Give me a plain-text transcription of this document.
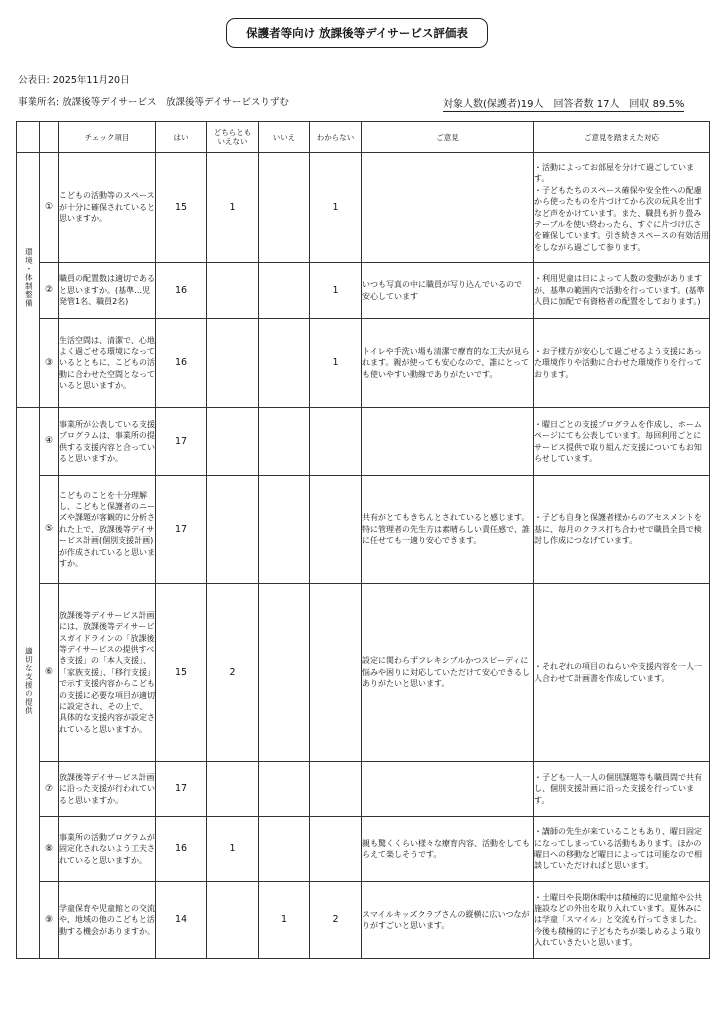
保護者等向け 放課後等デイサービス評価表
公表日: 2025年11月20日
事業所名: 放課後等デイサービス　放課後等デイサービスりずむ	対象人数(保護者)19人　回答者数 17人　回収 89.5%
		チェック項目	はい	どちらとも
いえない	いいえ	わからない	ご意見	ご意見を踏まえた対応
環境・体制整備	①	こどもの活動等のスペースが十分に確保されていると思いますか。	15	1		1		・活動によってお部屋を分けて過ごしています。
・子どもたちのスペース確保や安全性への配慮から使ったものを片づけてから次の玩具を出すなど声をかけています。また、職員も折り畳みテーブルを使い終わったら、すぐに片づけ広さを確保しています。引き続きスペースの有効活用をしながら過ごして参ります。
	②	職員の配置数は適切であると思いますか。(基準…児発管1名、職員2名)	16			1	いつも写真の中に職員が写り込んでいるので
安心しています	・利用児童は日によって人数の変動がありますが、基準の範囲内で活動を行っています。(基準人員に加配で有資格者の配置をしております。)
	③	生活空間は、清潔で、心地よく過ごせる環境になっているとともに、こどもの活動に合わせた空間となっていると思いますか。	16			1	トイレや手洗い場も清潔で療育的な工夫が見られます。親が使っても安心なので、誰にとっても使いやすい動線でありがたいです。	・お子様方が安心して過ごせるよう支援にあった環境作りや活動に合わせた環境作りを行っております。
適切な支援の提供	④	事業所が公表している支援プログラムは、事業所の提供する支援内容と合っていると思いますか。	17					・曜日ごとの支援プログラムを作成し、ホームページにても公表しています。毎回利用ごとにサービス提供で取り組んだ支援についてもお知らせしています。
	⑤	こどものことを十分理解し、こどもと保護者のニーズや課題が客観的に分析された上で、放課後等デイサービス計画(個別支援計画)が作成されていると思いますか。	17				共有がとてもきちんとされていると感じます。特に管理者の先生方は素晴らしい責任感で、誰に任せても一適り安心できます。	・子ども自身と保護者様からのアセスメントを基に、毎月のクラス打ち合わせで職員全員で検討し作成につなげています。
	⑥	放課後等デイサービス計画には、放課後等デイサービスガイドラインの「放課後等デイサービスの提供すべき支援」の「本人支援」、「家族支援」、「移行支援」で示す支援内容からこどもの支援に必要な項目が適切に設定され、その上で、具体的な支援内容が設定されていると思いますか。	15	2			設定に関わらずフレキシブルかつスピーディに悩みや困りに対応していただけて安心できるしありがたいと思います。	・それぞれの項目のねらいや支援内容を一人一人合わせて計画書を作成しています。
	⑦	放課後等デイサービス計画に沿った支援が行われていると思いますか。	17					・子ども一人一人の個別課題等も職員間で共有し、個別支援計画に沿った支援を行っています。
	⑧	事業所の活動プログラムが固定化されないよう工夫されていると思いますか。	16	1			親も驚くくらい様々な療育内容、活動をしてもらえて楽しそうです。	・講師の先生が来ていることもあり、曜日固定になってしまっている活動もあります。ほかの曜日への移動など曜日によっては可能なので相談していただければと思います。
	⑨	学童保育や児童館との交流や、地域の他のこどもと活動する機会がありますか。	14		1	2	スマイルキッズクラブさんの縦横に広いつながりがすごいと思います。	・土曜日や長期休暇中は積極的に児童館や公共施設などの外出を取り入れています。夏休みには学童「スマイル」と交流も行ってきました。今後も積極的に子どもたちが楽しめるよう取り入れていきたいと思います。
